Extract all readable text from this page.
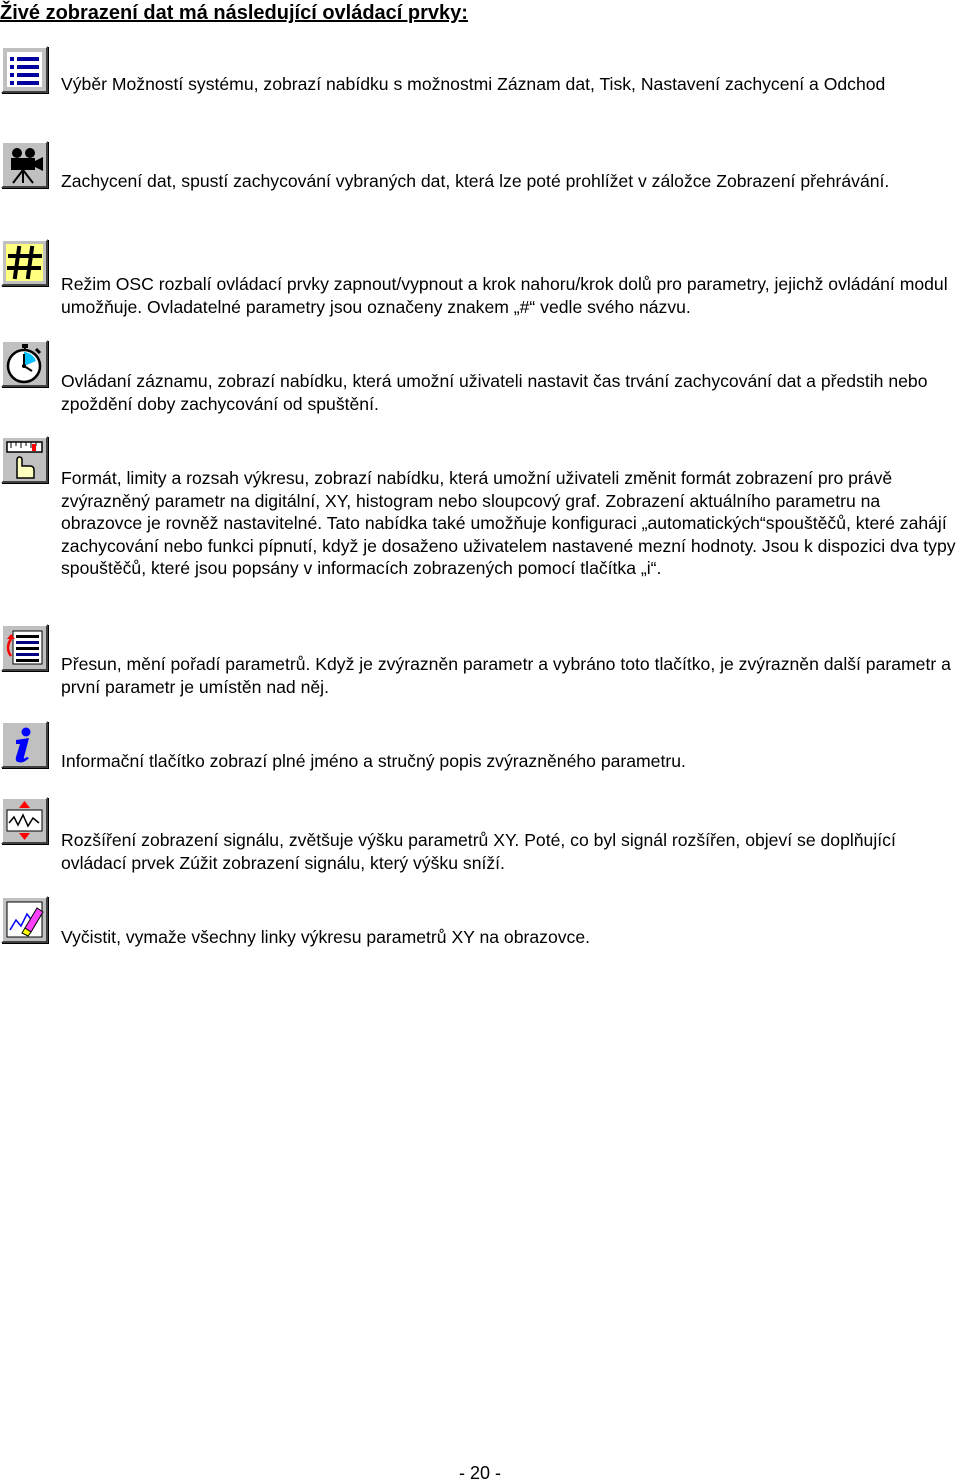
Živé zobrazení dat má následující ovládací prvky:
Výběr Možností systému, zobrazí nabídku s možnostmi Záznam dat, Tisk, Nastavení zachycení a Odchod
Zachycení dat, spustí zachycování vybraných dat, která lze poté prohlížet v záložce Zobrazení přehrávání.
Režim OSC rozbalí ovládací prvky zapnout/vypnout a krok nahoru/krok dolů pro parametry, jejichž ovládání modul umožňuje. Ovladatelné parametry jsou označeny znakem „#“ vedle svého názvu.
Ovládaní záznamu, zobrazí nabídku, která umožní uživateli nastavit čas trvání zachycování dat a předstih nebo zpoždění doby zachycování od spuštění.
Formát, limity a rozsah výkresu, zobrazí nabídku, která umožní uživateli změnit formát zobrazení pro právě zvýrazněný parametr na digitální, XY, histogram nebo sloupcový graf. Zobrazení aktuálního parametru na obrazovce je rovněž nastavitelné. Tato nabídka také umožňuje konfiguraci „automatických“spouštěčů, které zahájí zachycování nebo funkci pípnutí, když je dosaženo uživatelem nastavené mezní hodnoty. Jsou k dispozici dva typy spouštěčů, které jsou popsány v informacích zobrazených pomocí tlačítka „i“.
Přesun, mění pořadí parametrů. Když je zvýrazněn parametr a vybráno toto tlačítko, je zvýrazněn další parametr a první parametr je umístěn nad něj.
Informační tlačítko zobrazí plné jméno a stručný popis zvýrazněného parametru.
Rozšíření zobrazení signálu, zvětšuje výšku parametrů XY. Poté, co byl signál rozšířen, objeví se doplňující ovládací prvek Zúžit zobrazení signálu, který výšku sníží.
Vyčistit, vymaže všechny linky výkresu parametrů XY na obrazovce.
- 20 -
